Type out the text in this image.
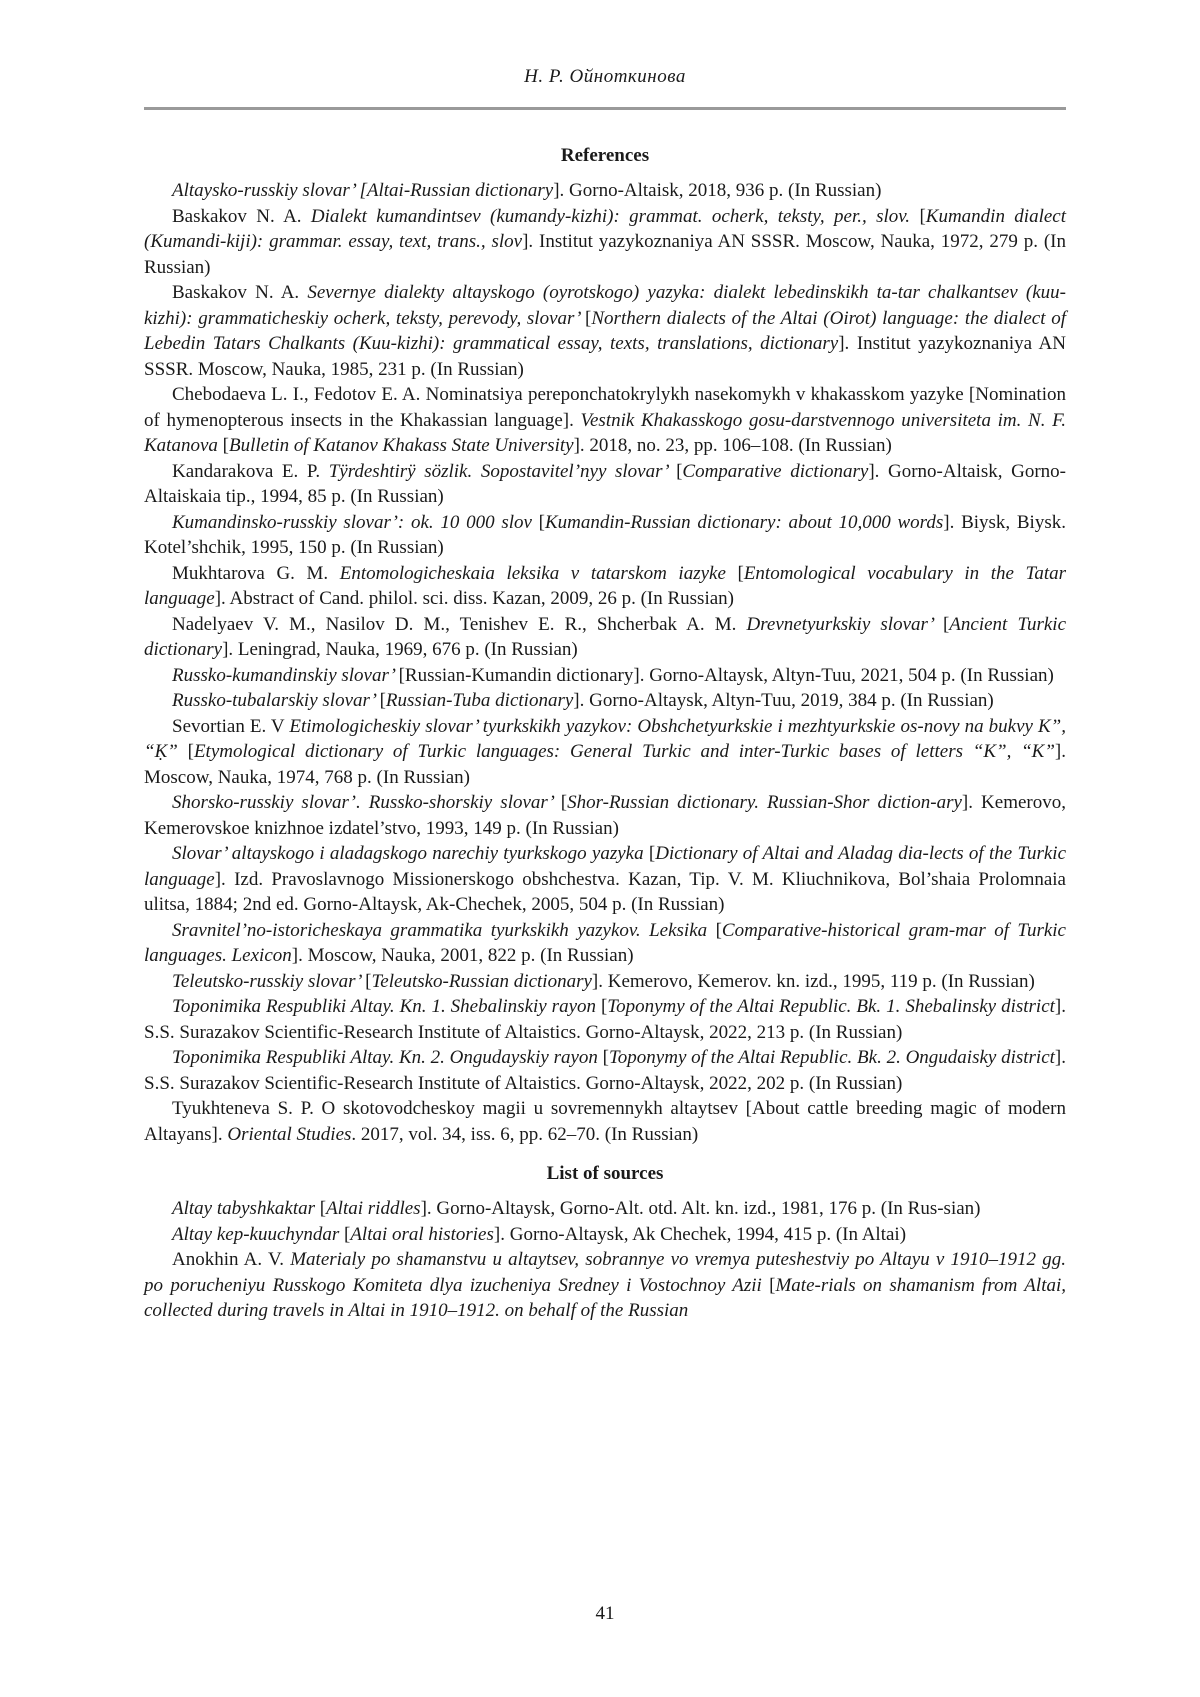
Н. Р. Ойноткинова
References

Altaysko-russkiy slovar’ [Altai-Russian dictionary]. Gorno-Altaisk, 2018, 936 p. (In Russian)

Baskakov N. A. Dialekt kumandintsev (kumandy-kizhi): grammat. ocherk, teksty, per., slov. [Kumandin dialect (Kumandi-kiji): grammar. essay, text, trans., slov]. Institut yazykoznaniya AN SSSR. Moscow, Nauka, 1972, 279 p. (In Russian)

Baskakov N. A. Severnye dialekty altayskogo (oyrotskogo) yazyka: dialekt lebedinskikh ta-tar chalkantsev (kuu-kizhi): grammaticheskiy ocherk, teksty, perevody, slovar’ [Northern dialects of the Altai (Oirot) language: the dialect of Lebedin Tatars Chalkants (Kuu-kizhi): grammatical essay, texts, translations, dictionary]. Institut yazykoznaniya AN SSSR. Moscow, Nauka, 1985, 231 p. (In Russian)

Chebodaeva L. I., Fedotov E. A. Nominatsiya pereponchatokrylykh nasekomykh v khakasskom yazyke [Nomination of hymenopterous insects in the Khakassian language]. Vestnik Khakasskogo gosu-darstvennogo universiteta im. N. F. Katanova [Bulletin of Katanov Khakass State University]. 2018, no. 23, pp. 106–108. (In Russian)

Kandarakova E. P. Tÿrdeshtirÿ sözlik. Sopostavitel’nyy slovar’ [Comparative dictionary]. Gorno-Altaisk, Gorno-Altaiskaia tip., 1994, 85 p. (In Russian)

Kumandinsko-russkiy slovar’: ok. 10 000 slov [Kumandin-Russian dictionary: about 10,000 words]. Biysk, Biysk. Kotel’shchik, 1995, 150 p. (In Russian)

Mukhtarova G. M. Entomologicheskaia leksika v tatarskom iazyke [Entomological vocabulary in the Tatar language]. Abstract of Cand. philol. sci. diss. Kazan, 2009, 26 p. (In Russian)

Nadelyaev V. M., Nasilov D. M., Tenishev E. R., Shcherbak A. M. Drevnetyurkskiy slovar’ [Ancient Turkic dictionary]. Leningrad, Nauka, 1969, 676 p. (In Russian)

Russko-kumandinskiy slovar’ [Russian-Kumandin dictionary]. Gorno-Altaysk, Altyn-Tuu, 2021, 504 p. (In Russian)

Russko-tubalarskiy slovar’ [Russian-Tuba dictionary]. Gorno-Altaysk, Altyn-Tuu, 2019, 384 p. (In Russian)

Sevortian E. V Etimologicheskiy slovar’ tyurkskikh yazykov: Obshchetyurkskie i mezhtyurkskie os-novy na bukvy K”, “Ḳ” [Etymological dictionary of Turkic languages: General Turkic and inter-Turkic bases of letters “K”, “K”]. Moscow, Nauka, 1974, 768 p. (In Russian)

Shorsko-russkiy slovar’. Russko-shorskiy slovar’ [Shor-Russian dictionary. Russian-Shor diction-ary]. Kemerovo, Kemerovskoe knizhnoe izdatel’stvo, 1993, 149 p. (In Russian)

Slovar’ altayskogo i aladagskogo narechiy tyurkskogo yazyka [Dictionary of Altai and Aladag dia-lects of the Turkic language]. Izd. Pravoslavnogo Missionerskogo obshchestva. Kazan, Tip. V. M. Kliuchnikova, Bol’shaia Prolomnaia ulitsa, 1884; 2nd ed. Gorno-Altaysk, Ak-Chechek, 2005, 504 p. (In Russian)

Sravnitel’no-istoricheskaya grammatika tyurkskikh yazykov. Leksika [Comparative-historical gram-mar of Turkic languages. Lexicon]. Moscow, Nauka, 2001, 822 p. (In Russian)

Teleutsko-russkiy slovar’ [Teleutsko-Russian dictionary]. Kemerovo, Kemerov. kn. izd., 1995, 119 p. (In Russian)

Toponimika Respubliki Altay. Kn. 1. Shebalinskiy rayon [Toponymy of the Altai Republic. Bk. 1. Shebalinsky district]. S.S. Surazakov Scientific-Research Institute of Altaistics. Gorno-Altaysk, 2022, 213 p. (In Russian)

Toponimika Respubliki Altay. Kn. 2. Ongudayskiy rayon [Toponymy of the Altai Republic. Bk. 2. Ongudaisky district]. S.S. Surazakov Scientific-Research Institute of Altaistics. Gorno-Altaysk, 2022, 202 p. (In Russian)

Tyukhteneva S. P. O skotovodcheskoy magii u sovremennykh altaytsev [About cattle breeding magic of modern Altayans]. Oriental Studies. 2017, vol. 34, iss. 6, pp. 62–70. (In Russian)

List of sources

Altay tabyshkaktar [Altai riddles]. Gorno-Altaysk, Gorno-Alt. otd. Alt. kn. izd., 1981, 176 p. (In Rus-sian)

Altay kep-kuuchyndar [Altai oral histories]. Gorno-Altaysk, Ak Chechek, 1994, 415 p. (In Altai)

Anokhin A. V. Materialy po shamanstvu u altaytsev, sobrannye vo vremya puteshestviy po Altayu v 1910–1912 gg. po porucheniyu Russkogo Komiteta dlya izucheniya Sredney i Vostochnoy Azii [Mate-rials on shamanism from Altai, collected during travels in Altai in 1910–1912. on behalf of the Russian

41
